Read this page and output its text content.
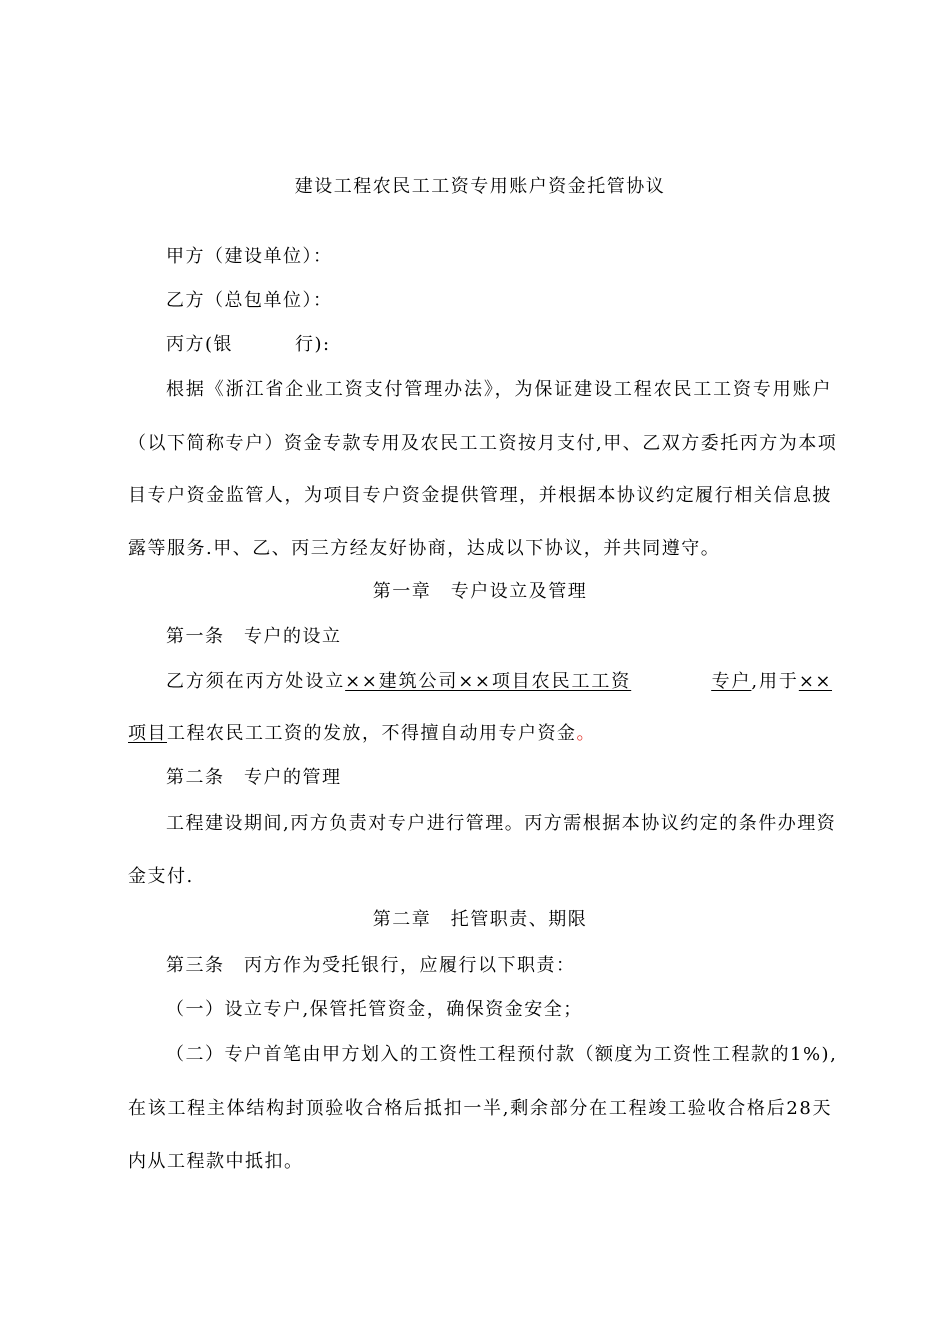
建设工程农民工工资专用账户资金托管协议
甲方（建设单位）：
乙方（总包单位）：
丙方(银	行):
根据《浙江省企业工资支付管理办法》，为保证建设工程农民工工资专用账户
（以下简称专户）资金专款专用及农民工工资按月支付,甲、乙双方委托丙方为本项
目专户资金监管人，为项目专户资金提供管理，并根据本协议约定履行相关信息披
露等服务.甲、乙、丙三方经友好协商，达成以下协议，并共同遵守。
第一章　专户设立及管理
第一条　专户的设立
乙方须在丙方处设立××建筑公司××项目农民工工资	专户,用于××
项目工程农民工工资的发放，不得擅自动用专户资金。
第二条　专户的管理
工程建设期间,丙方负责对专户进行管理。丙方需根据本协议约定的条件办理资
金支付.
第二章　托管职责、期限
第三条　丙方作为受托银行，应履行以下职责：
（一）设立专户,保管托管资金，确保资金安全；
（二）专户首笔由甲方划入的工资性工程预付款（额度为工资性工程款的1%),
在该工程主体结构封顶验收合格后抵扣一半,剩余部分在工程竣工验收合格后28天
内从工程款中抵扣。
